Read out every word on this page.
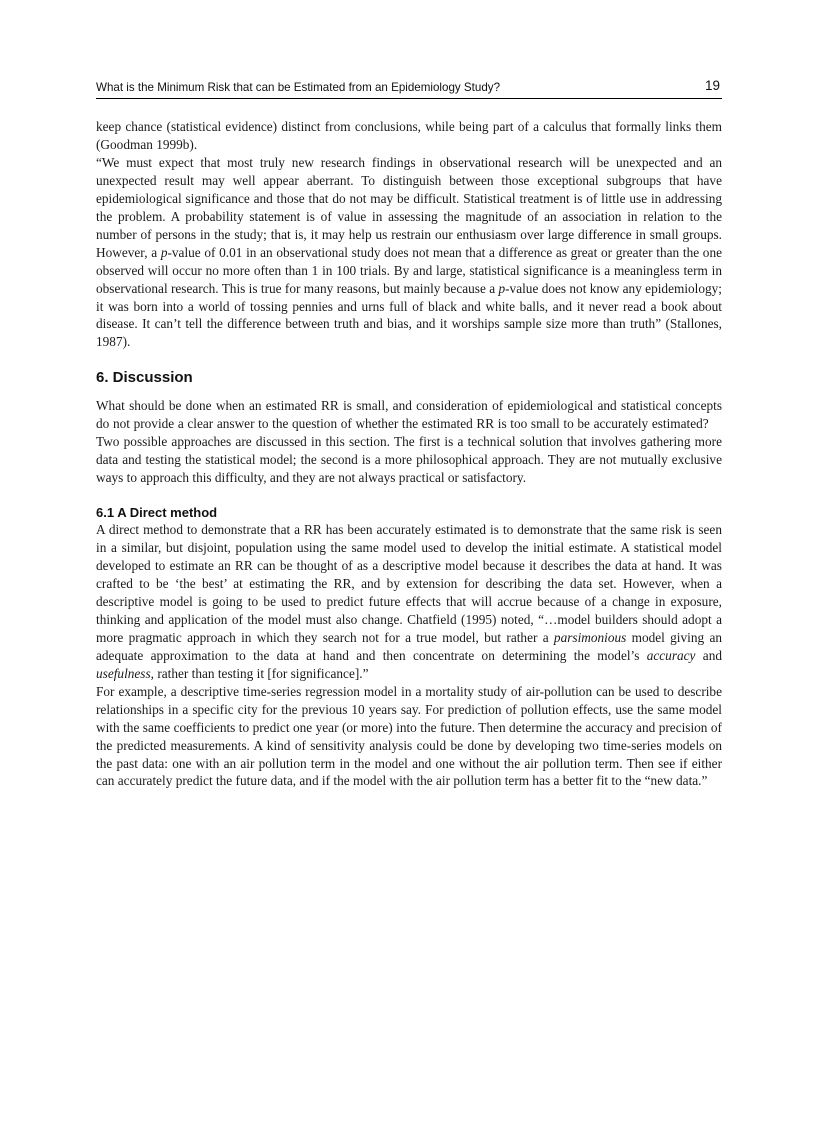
What is the Minimum Risk that can be Estimated from an Epidemiology Study?	19

keep chance (statistical evidence) distinct from conclusions, while being part of a calculus that formally links them (Goodman 1999b).

“We must expect that most truly new research findings in observational research will be unexpected and an unexpected result may well appear aberrant. To distinguish between those exceptional subgroups that have epidemiological significance and those that do not may be difficult. Statistical treatment is of little use in addressing the problem. A probability statement is of value in assessing the magnitude of an association in relation to the number of persons in the study; that is, it may help us restrain our enthusiasm over large difference in small groups. However, a p-value of 0.01 in an observational study does not mean that a difference as great or greater than the one observed will occur no more often than 1 in 100 trials. By and large, statistical significance is a meaningless term in observational research. This is true for many reasons, but mainly because a p-value does not know any epidemiology; it was born into a world of tossing pennies and urns full of black and white balls, and it never read a book about disease. It can’t tell the difference between truth and bias, and it worships sample size more than truth” (Stallones, 1987).

6. Discussion

What should be done when an estimated RR is small, and consideration of epidemiological and statistical concepts do not provide a clear answer to the question of whether the estimated RR is too small to be accurately estimated?  Two possible approaches are discussed in this section. The first is a technical solution that involves gathering more data and testing the statistical model; the second is a more philosophical approach. They are not mutually exclusive ways to approach this difficulty, and they are not always practical or satisfactory.

6.1 A Direct method

A direct method to demonstrate that a RR has been accurately estimated is to demonstrate that the same risk is seen in a similar, but disjoint, population using the same model used to develop the initial estimate. A statistical model developed to estimate an RR can be thought of as a descriptive model because it describes the data at hand. It was crafted to be ‘the best’ at estimating the RR, and by extension for describing the data set. However, when a descriptive model is going to be used to predict future effects that will accrue because of a change in exposure, thinking and application of the model must also change. Chatfield (1995) noted, “…model builders should adopt a more pragmatic approach in which they search not for a true model, but rather a parsimonious model giving an adequate approximation to the data at hand and then concentrate on determining the model’s accuracy and usefulness, rather than testing it [for significance].”

For example, a descriptive time-series regression model in a mortality study of air-pollution can be used to describe relationships in a specific city for the previous 10 years say. For prediction of pollution effects, use the same model with the same coefficients to predict one year (or more) into the future. Then determine the accuracy and precision of the predicted measurements. A kind of sensitivity analysis could be done by developing two time-series models on the past data: one with an air pollution term in the model and one without the air pollution term. Then see if either can accurately predict the future data, and if the model with the air pollution term has a better fit to the “new data.”
